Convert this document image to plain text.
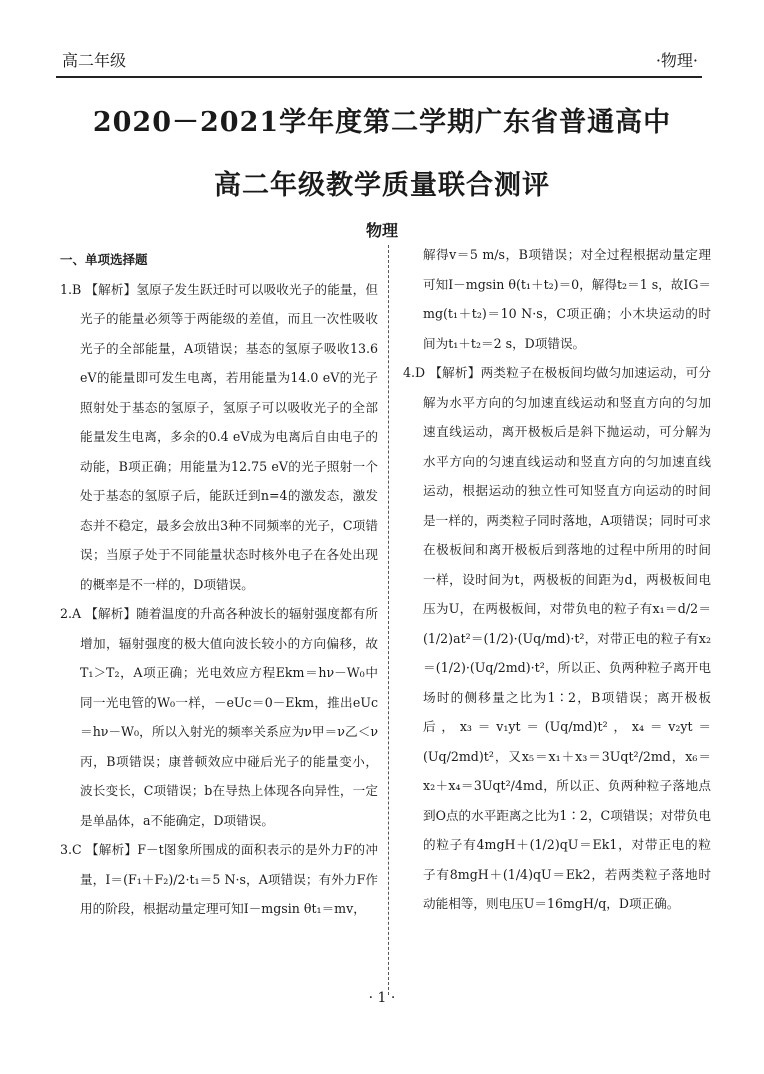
高二年级	·物理·
2020－2021学年度第二学期广东省普通高中
高二年级教学质量联合测评
物理
一、单项选择题

1.B 【解析】氢原子发生跃迁时可以吸收光子的能量，但光子的能量必须等于两能级的差值，而且一次性吸收光子的全部能量，A项错误；基态的氢原子吸收13.6 eV的能量即可发生电离，若用能量为14.0 eV的光子照射处于基态的氢原子，氢原子可以吸收光子的全部能量发生电离，多余的0.4 eV成为电离后自由电子的动能，B项正确；用能量为12.75 eV的光子照射一个处于基态的氢原子后，能跃迁到n=4的激发态，激发态并不稳定，最多会放出3种不同频率的光子，C项错误；当原子处于不同能量状态时核外电子在各处出现的概率是不一样的，D项错误。

2.A 【解析】随着温度的升高各种波长的辐射强度都有所增加，辐射强度的极大值向波长较小的方向偏移，故T₁＞T₂，A项正确；光电效应方程Ekm＝hν－W₀中同一光电管的W₀一样，－eUc＝0－Ekm，推出eUc＝hν－W₀，所以入射光的频率关系应为ν甲＝ν乙＜ν丙，B项错误；康普顿效应中碰后光子的能量变小，波长变长，C项错误；b在导热上体现各向异性，一定是单晶体，a不能确定，D项错误。

3.C 【解析】F－t图象所围成的面积表示的是外力F的冲量，I＝(F₁＋F₂)/2·t₁＝5 N·s，A项错误；有外力F作用的阶段，根据动量定理可知I－mgsin θt₁＝mv，

解得v＝5 m/s，B项错误；对全过程根据动量定理可知I－mgsin θ(t₁＋t₂)＝0，解得t₂＝1 s，故IG＝mg(t₁＋t₂)＝10 N·s，C项正确；小木块运动的时间为t₁＋t₂＝2 s，D项错误。

4.D 【解析】两类粒子在极板间均做匀加速运动，可分解为水平方向的匀加速直线运动和竖直方向的匀加速直线运动，离开极板后是斜下抛运动，可分解为水平方向的匀速直线运动和竖直方向的匀加速直线运动，根据运动的独立性可知竖直方向运动的时间是一样的，两类粒子同时落地，A项错误；同时可求在极板间和离开极板后到落地的过程中所用的时间一样，设时间为t，两极板的间距为d，两极板间电压为U，在两极板间，对带负电的粒子有x₁＝d/2＝(1/2)at²＝(1/2)·(Uq/md)·t²，对带正电的粒子有x₂＝(1/2)·(Uq/2md)·t²，所以正、负两种粒子离开电场时的侧移量之比为1∶2，B项错误；离开极板后，x₃＝v₁yt＝(Uq/md)t²，x₄＝v₂yt＝(Uq/2md)t²，又x₅＝x₁＋x₃＝3Uqt²/2md，x₆＝x₂＋x₄＝3Uqt²/4md，所以正、负两种粒子落地点到O点的水平距离之比为1∶2，C项错误；对带负电的粒子有4mgH＋(1/2)qU＝Ek1，对带正电的粒子有8mgH＋(1/4)qU＝Ek2，若两类粒子落地时动能相等，则电压U＝16mgH/q，D项正确。

· 1 ·
